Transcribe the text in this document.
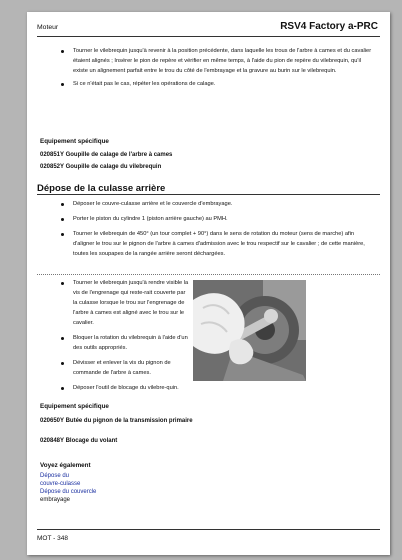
Moteur	RSV4 Factory a-PRC
Tourner le vilebrequin jusqu'à revenir à la position précédente, dans laquelle les trous de l'arbre à cames et du cavalier étaient alignés ; Insérer le pion de repère et vérifier en même temps, à l'aide du pion de repère du vilebrequin, qu'il existe un alignement parfait entre le trou du côté de l'embrayage et la gravure au burin sur le vilebrequin.
Si ce n'était pas le cas, répéter les opérations de calage.
Equipement spécifique
020851Y Goupille de calage de l'arbre à cames
020852Y Goupille de calage du vilebrequin
Dépose de la culasse arrière
Déposer le couvre-culasse arrière et le couvercle d'embrayage.
Porter le piston du cylindre 1 (piston arrière gauche) au PMH.
Tourner le vilebrequin de 450° (un tour complet + 90°) dans le sens de rotation du moteur (sens de marche) afin d'aligner le trou sur le pignon de l'arbre à cames d'admission avec le trou respectif sur le cavalier ; de cette manière, toutes les soupapes de la rangée arrière seront déchargées.
Tourner le vilebrequin jusqu'à rendre visible la vis de l'engrenage qui reste-rait couverte par la culasse lorsque le trou sur l'engrenage de l'arbre à cames est aligné avec le trou sur le cavalier.
Bloquer la rotation du vilebrequin à l'aide d'un des outils appropriés.
Dévisser et enlever la vis du pignon de commande de l'arbre à cames.
Déposer l'outil de blocage du vilebre-quin.
Equipement spécifique
020650Y Butée du pignon de la transmission primaire
020848Y Blocage du volant
Voyez également
Dépose du couvre-culasse
Dépose du couvercle
embrayage
MOT - 348
